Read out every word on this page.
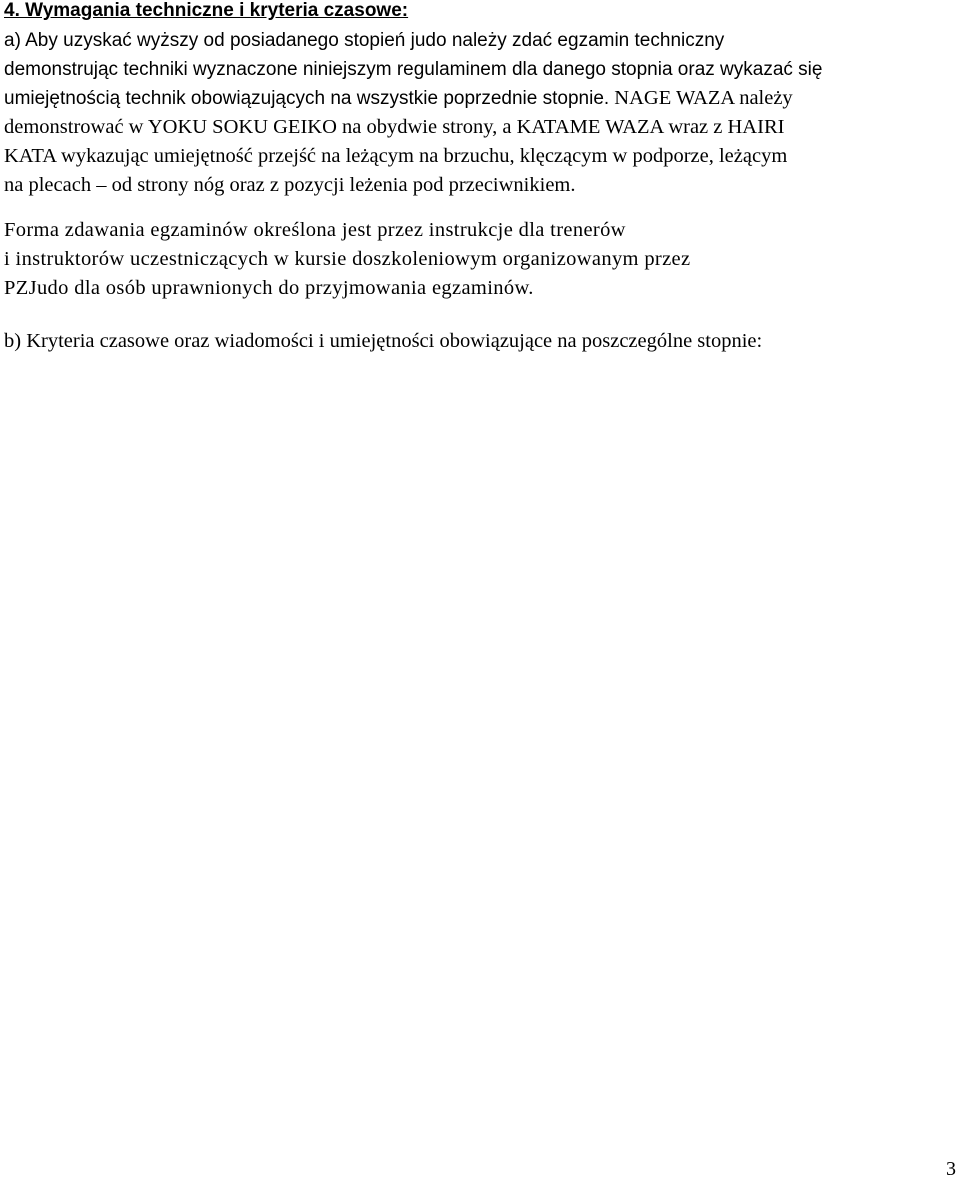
4. Wymagania techniczne i kryteria czasowe:
a) Aby uzyskać wyższy od posiadanego stopień judo należy zdać egzamin techniczny
demonstrując techniki wyznaczone niniejszym regulaminem dla danego stopnia oraz wykazać się
umiejętnością technik obowiązujących na wszystkie poprzednie stopnie. NAGE WAZA należy
demonstrować w YOKU SOKU GEIKO na obydwie strony, a KATAME WAZA wraz z HAIRI
KATA wykazując umiejętność przejść na leżącym na brzuchu, klęczącym w podporze, leżącym
na plecach – od strony nóg oraz z pozycji leżenia pod przeciwnikiem.
Forma zdawania egzaminów określona jest przez instrukcje dla trenerów
i instruktorów uczestniczących w kursie doszkoleniowym organizowanym przez
PZJudo dla osób uprawnionych do przyjmowania egzaminów.
b) Kryteria czasowe oraz wiadomości i umiejętności obowiązujące na poszczególne stopnie:
3
